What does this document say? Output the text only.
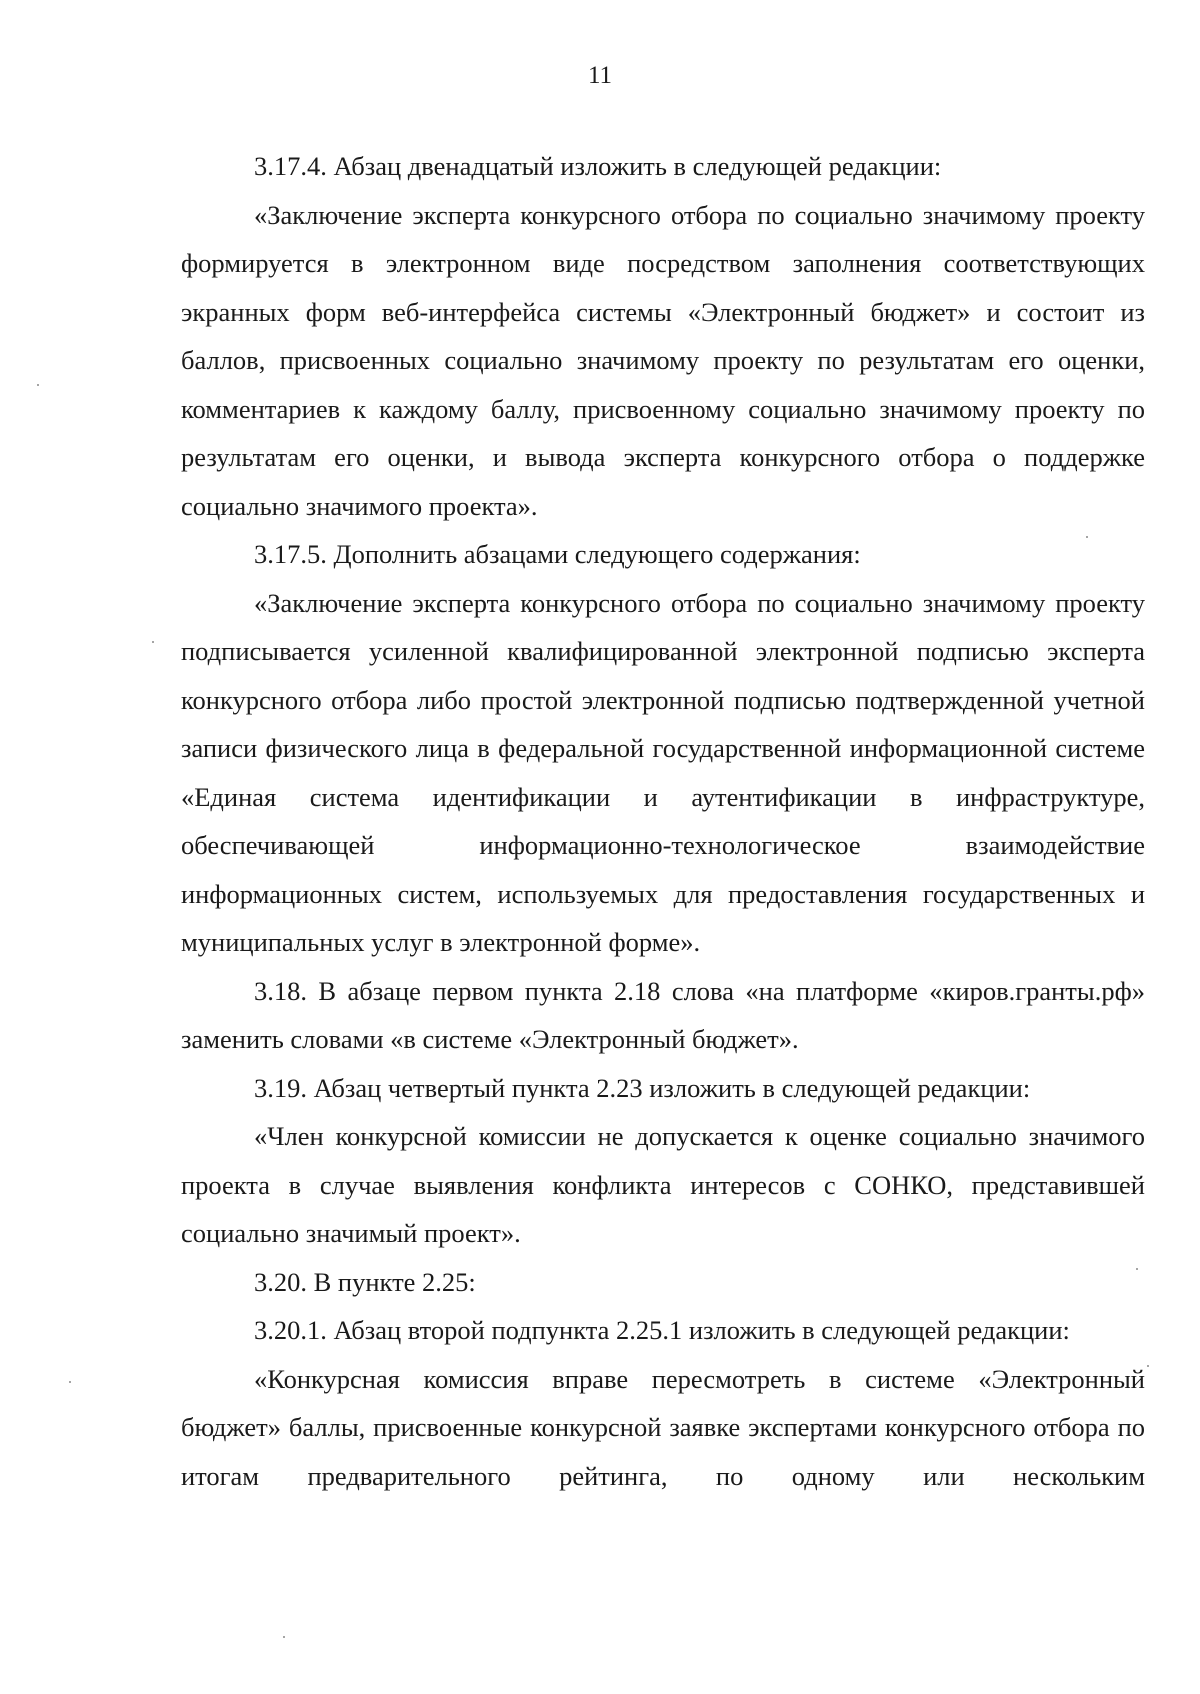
11

3.17.4. Абзац двенадцатый изложить в следующей редакции:

«Заключение эксперта конкурсного отбора по социально значимому проекту формируется в электронном виде посредством заполнения соответствующих экранных форм веб-интерфейса системы «Электронный бюджет» и состоит из баллов, присвоенных социально значимому проекту по результатам его оценки, комментариев к каждому баллу, присвоенному социально значимому проекту по результатам его оценки, и вывода эксперта конкурсного отбора о поддержке социально значимого проекта».

3.17.5. Дополнить абзацами следующего содержания:

«Заключение эксперта конкурсного отбора по социально значимому проекту подписывается усиленной квалифицированной электронной подписью эксперта конкурсного отбора либо простой электронной подписью подтвержденной учетной записи физического лица в федеральной государственной информационной системе «Единая система идентификации и аутентификации в инфраструктуре, обеспечивающей информационно-технологическое взаимодействие информационных систем, используемых для предоставления государственных и муниципальных услуг в электронной форме».

3.18. В абзаце первом пункта 2.18 слова «на платформе «киров.гранты.рф» заменить словами «в системе «Электронный бюджет».

3.19. Абзац четвертый пункта 2.23 изложить в следующей редакции:

«Член конкурсной комиссии не допускается к оценке социально значимого проекта в случае выявления конфликта интересов с СОНКО, представившей социально значимый проект».

3.20. В пункте 2.25:

3.20.1. Абзац второй подпункта 2.25.1 изложить в следующей редакции:

«Конкурсная комиссия вправе пересмотреть в системе «Электронный бюджет» баллы, присвоенные конкурсной заявке экспертами конкурсного отбора по итогам предварительного рейтинга, по одному или нескольким
